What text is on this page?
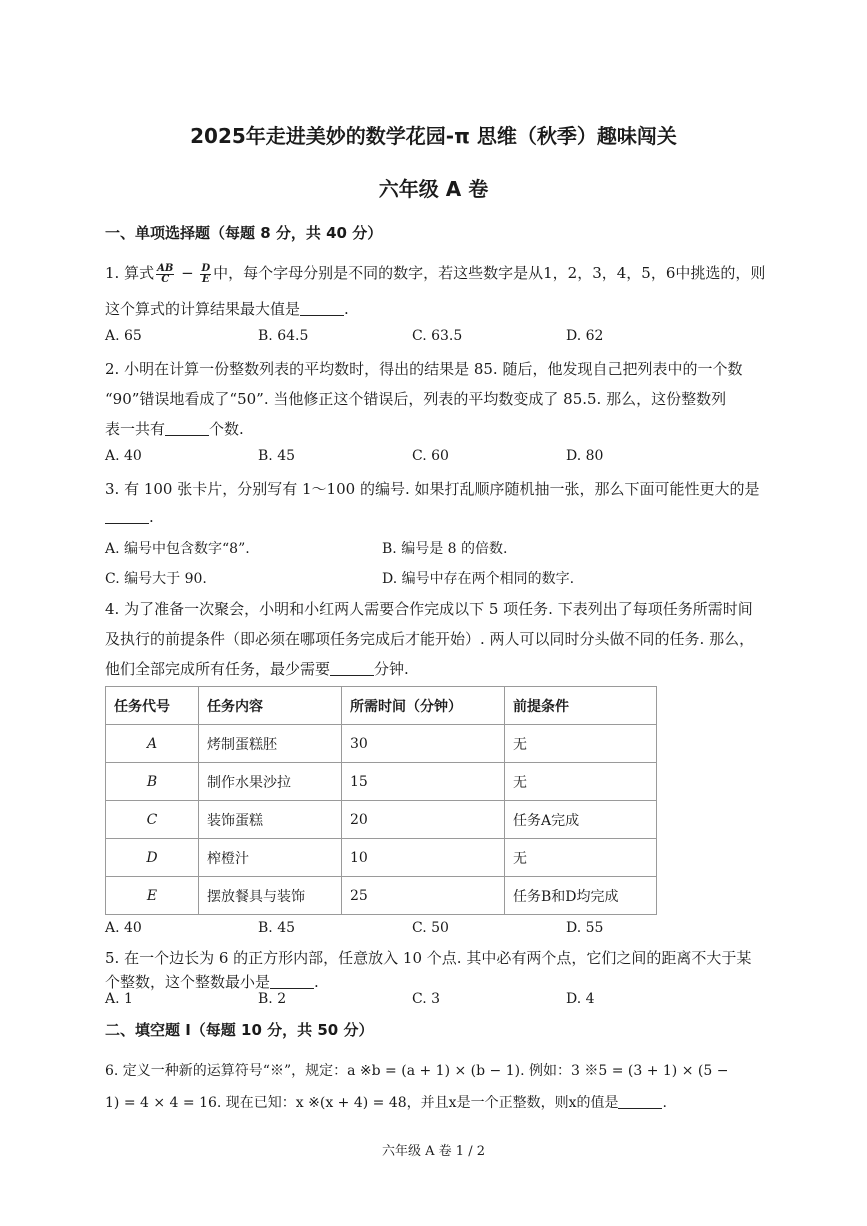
2025年走进美妙的数学花园-π 思维（秋季）趣味闯关
六年级 A 卷
一、单项选择题（每题 8 分，共 40 分）
1. 算式 $\frac{AB}{C} - \frac{D}{E}$ 中，每个字母分别是不同的数字，若这些数字是从1，2，3，4，5，6中挑选的，则
这个算式的计算结果最大值是	.
A. 65	B. 64.5	C. 63.5	D. 62
2. 小明在计算一份整数列表的平均数时，得出的结果是 85. 随后，他发现自己把列表中的一个数
“90”错误地看成了“50”. 当他修正这个错误后，列表的平均数变成了 85.5. 那么，这份整数列
表一共有	个数.
A. 40	B. 45	C. 60	D. 80
3. 有 100 张卡片，分别写有 1～100 的编号. 如果打乱顺序随机抽一张，那么下面可能性更大的是
.
A. 编号中包含数字“8”.	B. 编号是 8 的倍数.
C. 编号大于 90.	D. 编号中存在两个相同的数字.
4. 为了准备一次聚会，小明和小红两人需要合作完成以下 5 项任务. 下表列出了每项任务所需时间
及执行的前提条件（即必须在哪项任务完成后才能开始）. 两人可以同时分头做不同的任务. 那么，
他们全部完成所有任务，最少需要	分钟.
任务代号	任务内容	所需时间（分钟）	前提条件
A	烤制蛋糕胚	30	无
B	制作水果沙拉	15	无
C	装饰蛋糕	20	任务A完成
D	榨橙汁	10	无
E	摆放餐具与装饰	25	任务B和D均完成
A. 40	B. 45	C. 50	D. 55
5. 在一个边长为 6 的正方形内部，任意放入 10 个点. 其中必有两个点，它们之间的距离不大于某
个整数，这个整数最小是	.
A. 1	B. 2	C. 3	D. 4
二、填空题 I（每题 10 分，共 50 分）
6. 定义一种新的运算符号“※”，规定：a ※b = (a + 1) × (b − 1). 例如：3 ※5 = (3 + 1) × (5 −
1) = 4 × 4 = 16. 现在已知：x ※(x + 4) = 48，并且x是一个正整数，则x的值是	.
六年级 A 卷 1 / 2
